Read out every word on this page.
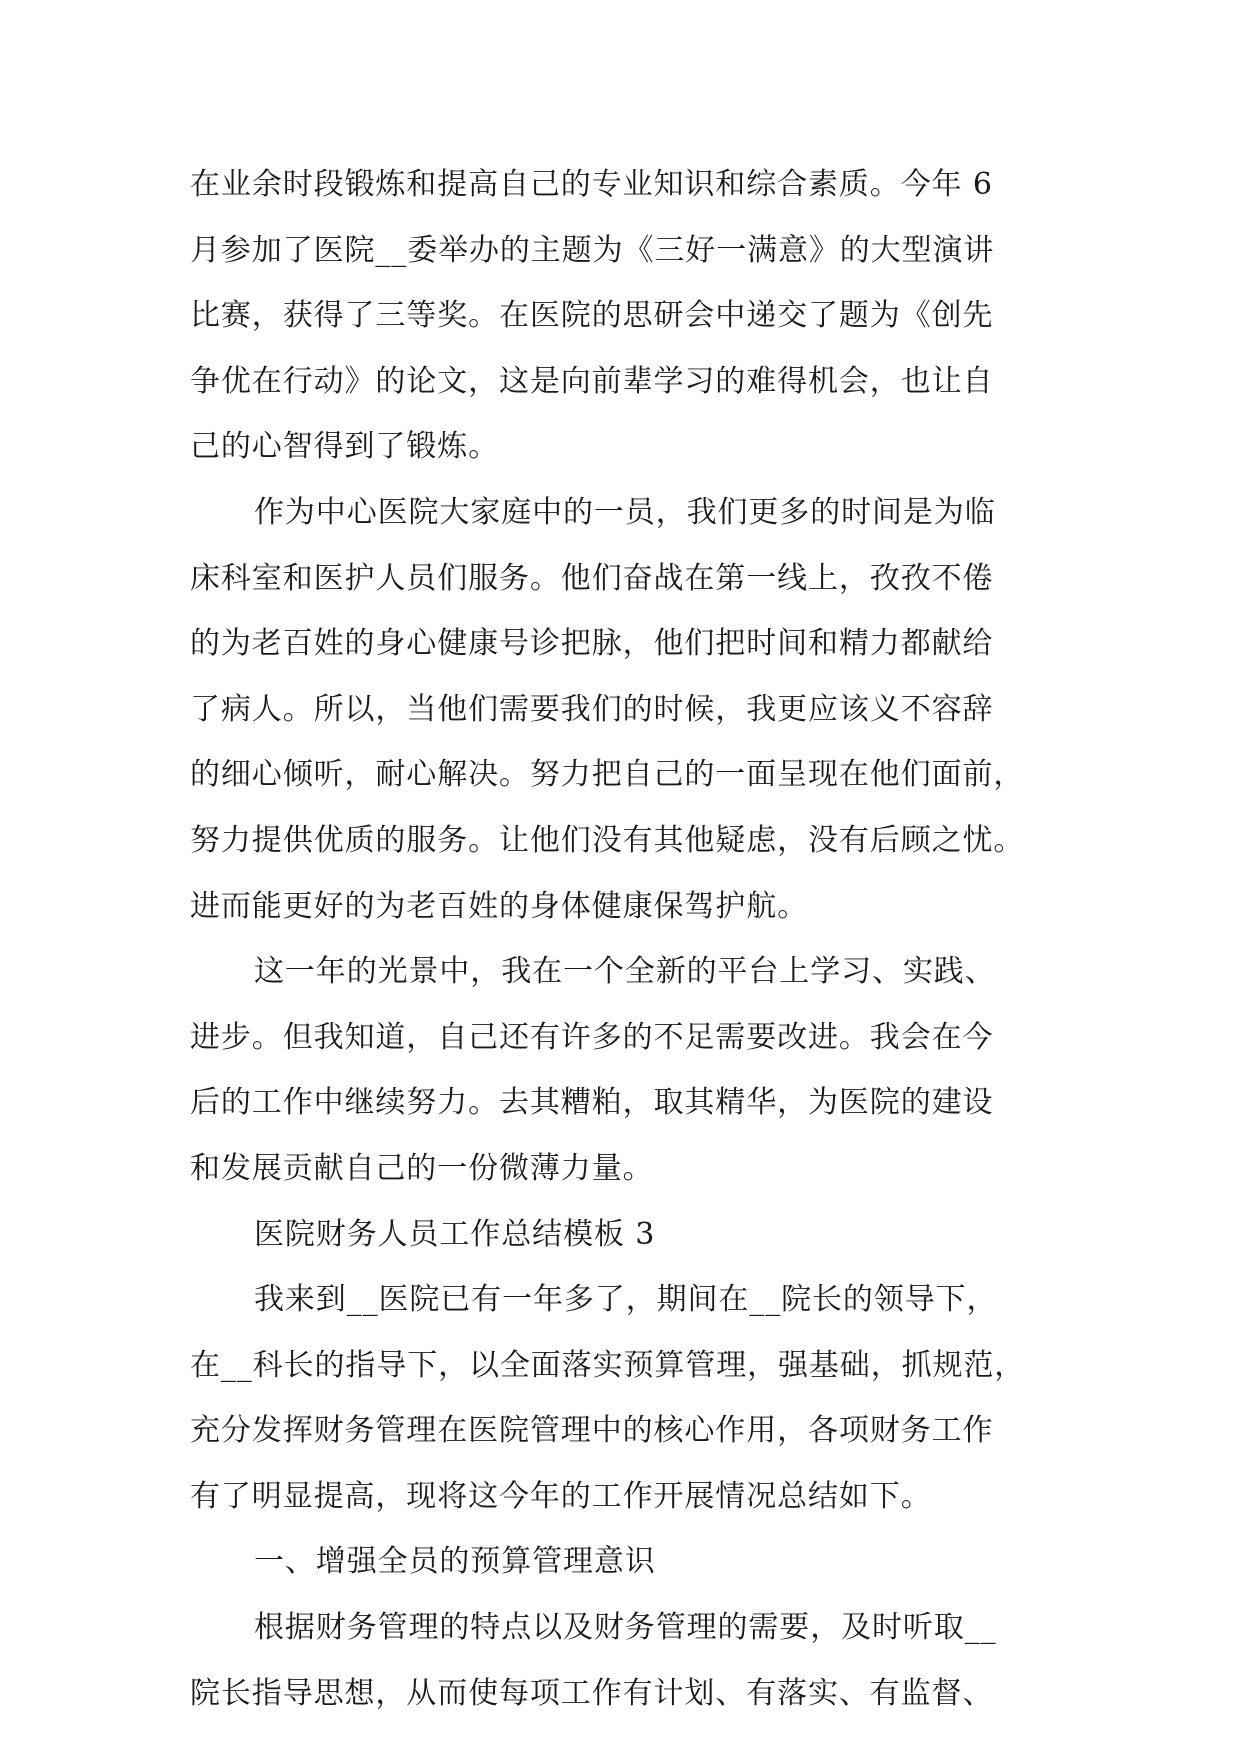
在业余时段锻炼和提高自己的专业知识和综合素质。今年 6
月参加了医院__委举办的主题为《三好一满意》的大型演讲
比赛，获得了三等奖。在医院的思研会中递交了题为《创先
争优在行动》的论文，这是向前辈学习的难得机会，也让自
己的心智得到了锻炼。
作为中心医院大家庭中的一员，我们更多的时间是为临
床科室和医护人员们服务。他们奋战在第一线上，孜孜不倦
的为老百姓的身心健康号诊把脉，他们把时间和精力都献给
了病人。所以，当他们需要我们的时候，我更应该义不容辞
的细心倾听，耐心解决。努力把自己的一面呈现在他们面前，
努力提供优质的服务。让他们没有其他疑虑，没有后顾之忧。
进而能更好的为老百姓的身体健康保驾护航。
这一年的光景中，我在一个全新的平台上学习、实践、
进步。但我知道，自己还有许多的不足需要改进。我会在今
后的工作中继续努力。去其糟粕，取其精华，为医院的建设
和发展贡献自己的一份微薄力量。
医院财务人员工作总结模板 3
我来到__医院已有一年多了，期间在__院长的领导下，
在__科长的指导下，以全面落实预算管理，强基础，抓规范，
充分发挥财务管理在医院管理中的核心作用，各项财务工作
有了明显提高，现将这今年的工作开展情况总结如下。
一、增强全员的预算管理意识
根据财务管理的特点以及财务管理的需要，及时听取__
院长指导思想，从而使每项工作有计划、有落实、有监督、
